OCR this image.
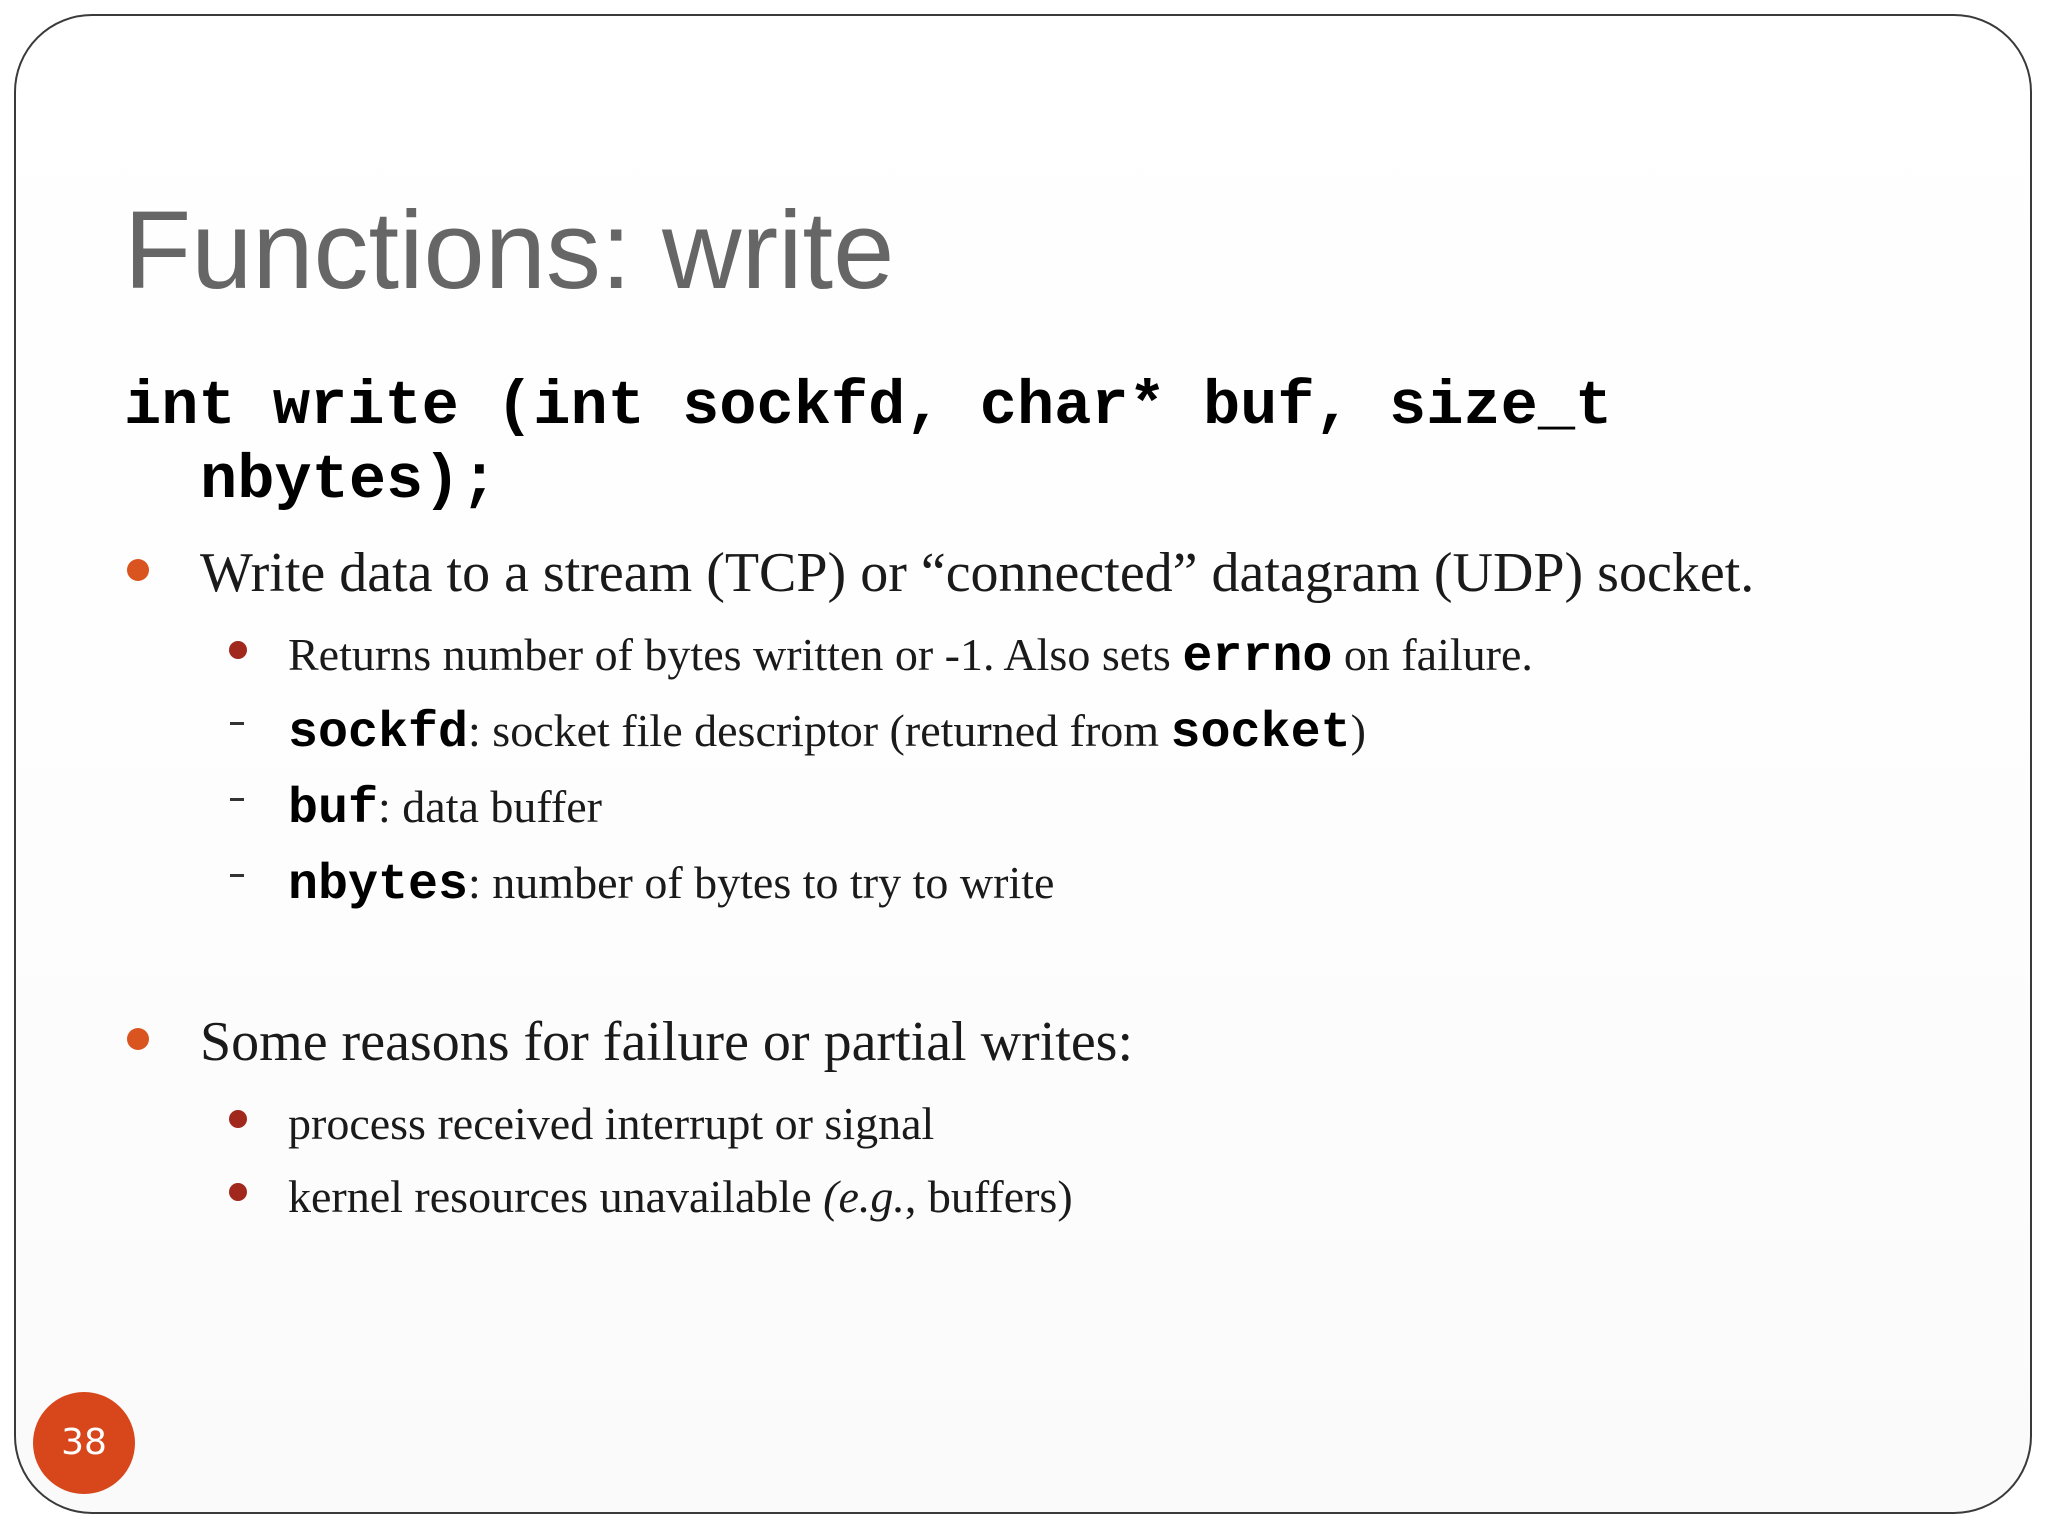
Functions: write
int write (int sockfd, char* buf, size_t
nbytes);
Write data to a stream (TCP) or “connected” datagram (UDP) socket.
Returns number of bytes written or -1. Also sets errno on failure.
sockfd: socket file descriptor (returned from socket)
buf: data buffer
nbytes: number of bytes to try to write
Some reasons for failure or partial writes:
process received interrupt or signal
kernel resources unavailable (e.g., buffers)
38
